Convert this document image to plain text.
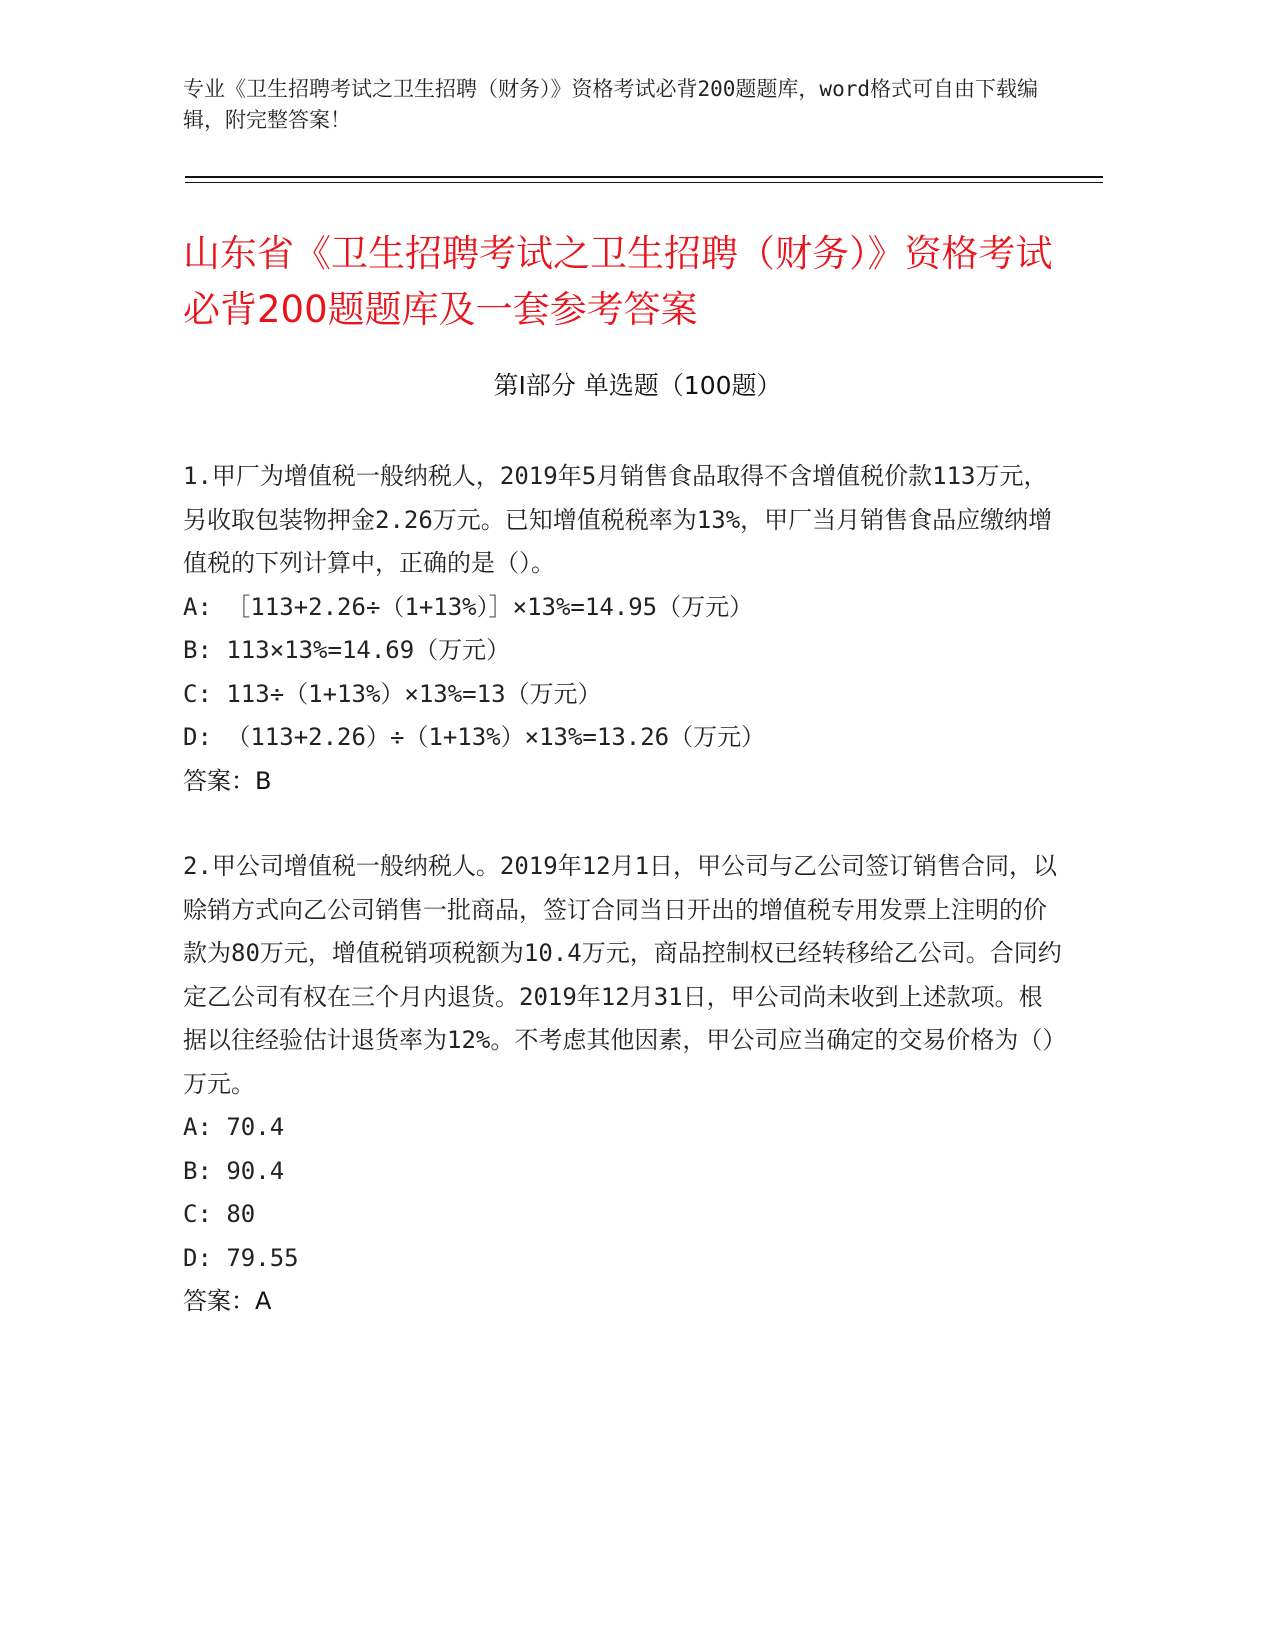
专业《卫生招聘考试之卫生招聘（财务）》资格考试必背200题题库，word格式可自由下载编辑，附完整答案！
山东省《卫生招聘考试之卫生招聘（财务）》资格考试必背200题题库及一套参考答案
第I部分 单选题（100题）
1.甲厂为增值税一般纳税人，2019年5月销售食品取得不含增值税价款113万元，另收取包装物押金2.26万元。已知增值税税率为13%，甲厂当月销售食品应缴纳增值税的下列计算中，正确的是（）。
A: ［113+2.26÷（1+13%）］×13%=14.95（万元）
B: 113×13%=14.69（万元）
C: 113÷（1+13%）×13%=13（万元）
D: （113+2.26）÷（1+13%）×13%=13.26（万元）
答案：B
2.甲公司增值税一般纳税人。2019年12月1日，甲公司与乙公司签订销售合同，以赊销方式向乙公司销售一批商品，签订合同当日开出的增值税专用发票上注明的价款为80万元，增值税销项税额为10.4万元，商品控制权已经转移给乙公司。合同约定乙公司有权在三个月内退货。2019年12月31日，甲公司尚未收到上述款项。根据以往经验估计退货率为12%。不考虑其他因素，甲公司应当确定的交易价格为（）万元。
A: 70.4
B: 90.4
C: 80
D: 79.55
答案：A
